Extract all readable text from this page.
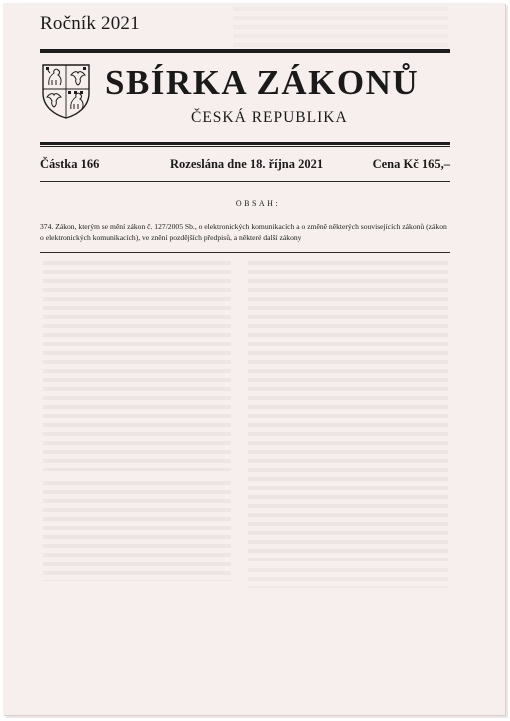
Ročník 2021
SBÍRKA ZÁKONŮ
ČESKÁ REPUBLIKA
Částka 166	Rozeslána dne 18. října 2021	Cena Kč 165,–
OBSAH:
374. Zákon, kterým se mění zákon č. 127/2005 Sb., o elektronických komunikacích a o změně některých souvisejících zákonů (zákon o elektronických komunikacích), ve znění pozdějších předpisů, a některé další zákony
